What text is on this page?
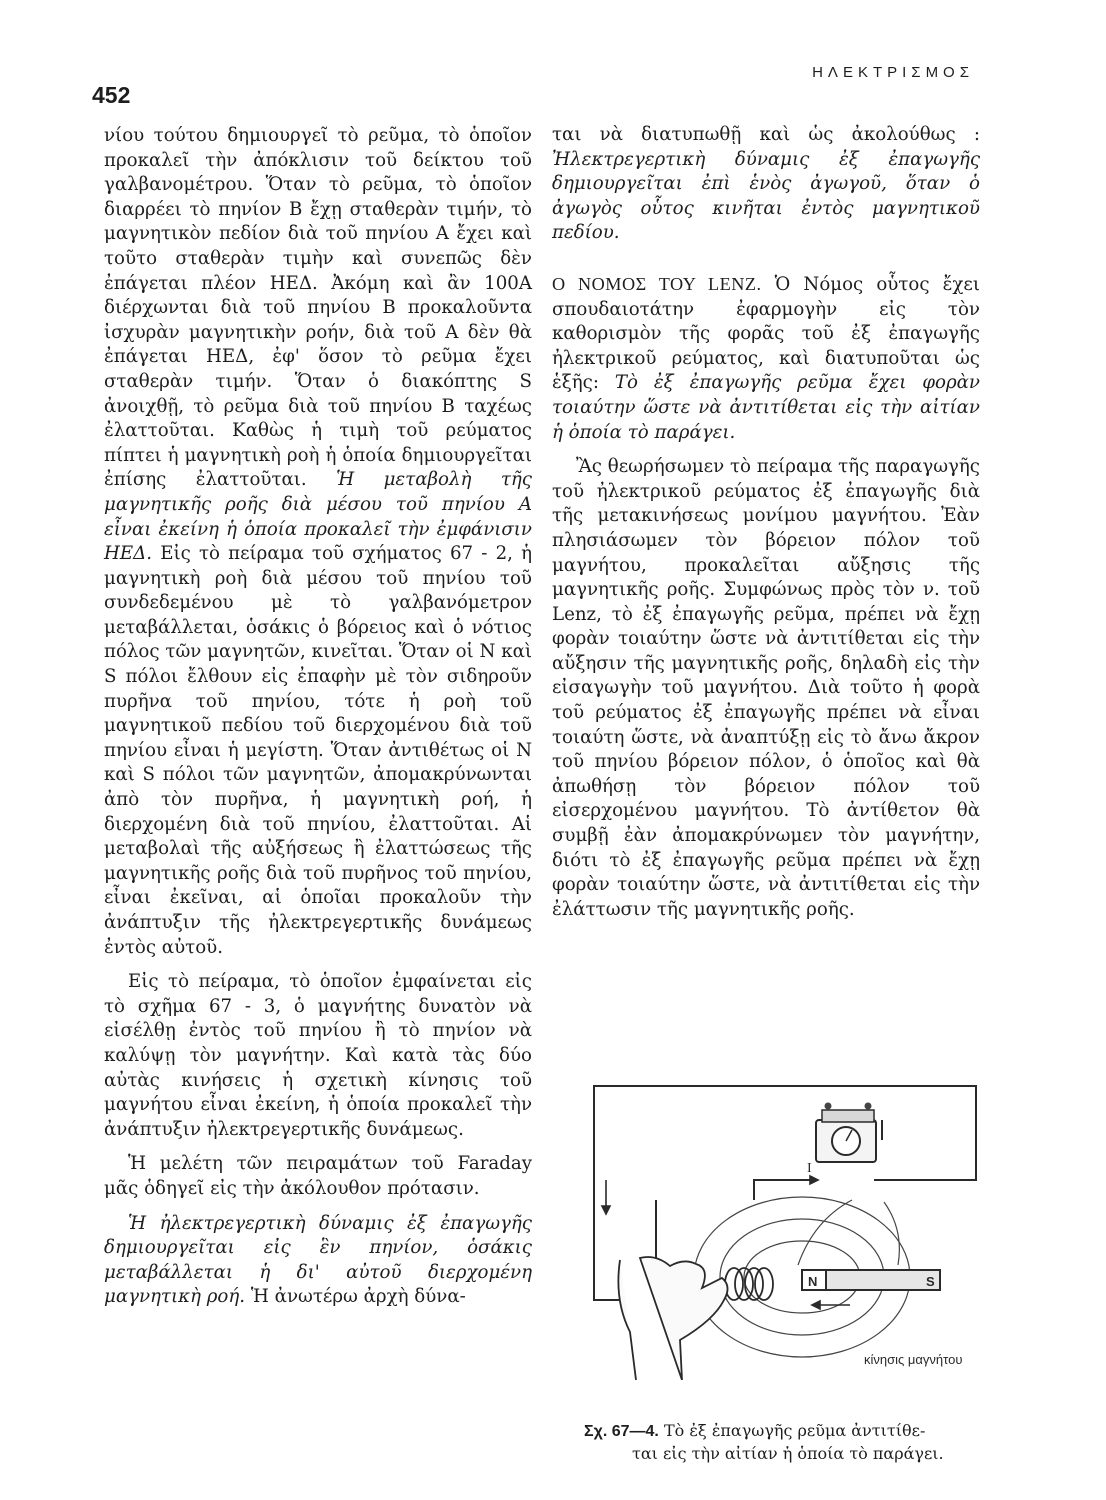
452
ΗΛΕΚΤΡΙΣΜΟΣ

νίου τούτου δημιουργεῖ τὸ ρεῦμα, τὸ ὁποῖον προκαλεῖ τὴν ἀπόκλισιν τοῦ δείκτου τοῦ γαλβανομέτρου. Ὅταν τὸ ρεῦμα, τὸ ὁποῖον διαρρέει τὸ πηνίον Β ἔχῃ σταθερὰν τιμήν, τὸ μαγνητικὸν πεδίον διὰ τοῦ πηνίου Α ἔχει καὶ τοῦτο σταθερὰν τιμὴν καὶ συνεπῶς δὲν ἐπάγεται πλέον ΗΕΔ. Ἀκόμη καὶ ἂν 100Α διέρχωνται διὰ τοῦ πηνίου Β προκαλοῦντα ἰσχυρὰν μαγνητικὴν ροήν, διὰ τοῦ Α δὲν θὰ ἐπάγεται ΗΕΔ, ἐφ' ὅσον τὸ ρεῦμα ἔχει σταθερὰν τιμήν. Ὅταν ὁ διακόπτης S ἀνοιχθῇ, τὸ ρεῦμα διὰ τοῦ πηνίου Β ταχέως ἐλαττοῦται. Καθὼς ἡ τιμὴ τοῦ ρεύματος πίπτει ἡ μαγνητικὴ ροὴ ἡ ὁποία δημιουργεῖται ἐπίσης ἐλαττοῦται. Ἡ μεταβολὴ τῆς μαγνητικῆς ροῆς διὰ μέσου τοῦ πηνίου Α εἶναι ἐκείνη ἡ ὁποία προκαλεῖ τὴν ἐμφάνισιν ΗΕΔ. Εἰς τὸ πείραμα τοῦ σχήματος 67 - 2, ἡ μαγνητικὴ ροὴ διὰ μέσου τοῦ πηνίου τοῦ συνδεδεμένου μὲ τὸ γαλβανόμετρον μεταβάλλεται, ὁσάκις ὁ βόρειος καὶ ὁ νότιος πόλος τῶν μαγνητῶν, κινεῖται. Ὅταν οἱ Ν καὶ S πόλοι ἔλθουν εἰς ἐπαφὴν μὲ τὸν σιδηροῦν πυρῆνα τοῦ πηνίου, τότε ἡ ροὴ τοῦ μαγνητικοῦ πεδίου τοῦ διερχομένου διὰ τοῦ πηνίου εἶναι ἡ μεγίστη. Ὅταν ἀντιθέτως οἱ Ν καὶ S πόλοι τῶν μαγνητῶν, ἀπομακρύνωνται ἀπὸ τὸν πυρῆνα, ἡ μαγνητικὴ ροή, ἡ διερχομένη διὰ τοῦ πηνίου, ἐλαττοῦται. Αἱ μεταβολαὶ τῆς αὐξήσεως ἢ ἐλαττώσεως τῆς μαγνητικῆς ροῆς διὰ τοῦ πυρῆνος τοῦ πηνίου, εἶναι ἐκεῖναι, αἱ ὁποῖαι προκαλοῦν τὴν ἀνάπτυξιν τῆς ἠλεκτρεγερτικῆς δυνάμεως ἐντὸς αὐτοῦ.

Εἰς τὸ πείραμα, τὸ ὁποῖον ἐμφαίνεται εἰς τὸ σχῆμα 67 - 3, ὁ μαγνήτης δυνατὸν νὰ εἰσέλθῃ ἐντὸς τοῦ πηνίου ἢ τὸ πηνίον νὰ καλύψῃ τὸν μαγνήτην. Καὶ κατὰ τὰς δύο αὐτὰς κινήσεις ἡ σχετικὴ κίνησις τοῦ μαγνήτου εἶναι ἐκείνη, ἡ ὁποία προκαλεῖ τὴν ἀνάπτυξιν ἠλεκτρεγερτικῆς δυνάμεως.

Ἡ μελέτη τῶν πειραμάτων τοῦ Faraday μᾶς ὁδηγεῖ εἰς τὴν ἀκόλουθον πρότασιν.

Ἡ ἠλεκτρεγερτικὴ δύναμις ἐξ ἐπαγωγῆς δημιουργεῖται εἰς ἓν πηνίον, ὁσάκις μεταβάλλεται ἡ δι' αὐτοῦ διερχομένη μαγνητικὴ ροή. Ἡ ἀνωτέρω ἀρχὴ δύνα-

ται νὰ διατυπωθῇ καὶ ὡς ἀκολούθως : Ἠλεκτρεγερτικὴ δύναμις ἐξ ἐπαγωγῆς δημιουργεῖται ἐπὶ ἑνὸς ἀγωγοῦ, ὅταν ὁ ἀγωγὸς οὗτος κινῆται ἐντὸς μαγνητικοῦ πεδίου.

Ο ΝΟΜΟΣ ΤΟΥ LENZ. Ὁ Νόμος οὗτος ἔχει σπουδαιοτάτην ἐφαρμογὴν εἰς τὸν καθορισμὸν τῆς φορᾶς τοῦ ἐξ ἐπαγωγῆς ἠλεκτρικοῦ ρεύματος, καὶ διατυποῦται ὡς ἑξῆς: Τὸ ἐξ ἐπαγωγῆς ρεῦμα ἔχει φορὰν τοιαύτην ὥστε νὰ ἀντιτίθεται εἰς τὴν αἰτίαν ἡ ὁποία τὸ παράγει.

Ἂς θεωρήσωμεν τὸ πείραμα τῆς παραγωγῆς τοῦ ἠλεκτρικοῦ ρεύματος ἐξ ἐπαγωγῆς διὰ τῆς μετακινήσεως μονίμου μαγνήτου. Ἐὰν πλησιάσωμεν τὸν βόρειον πόλον τοῦ μαγνήτου, προκαλεῖται αὔξησις τῆς μαγνητικῆς ροῆς. Συμφώνως πρὸς τὸν ν. τοῦ Lenz, τὸ ἐξ ἐπαγωγῆς ρεῦμα, πρέπει νὰ ἔχῃ φορὰν τοιαύτην ὥστε νὰ ἀντιτίθεται εἰς τὴν αὔξησιν τῆς μαγνητικῆς ροῆς, δηλαδὴ εἰς τὴν εἰσαγωγὴν τοῦ μαγνήτου. Διὰ τοῦτο ἡ φορὰ τοῦ ρεύματος ἐξ ἐπαγωγῆς πρέπει νὰ εἶναι τοιαύτη ὥστε, νὰ ἀναπτύξῃ εἰς τὸ ἄνω ἄκρον τοῦ πηνίου βόρειον πόλον, ὁ ὁποῖος καὶ θὰ ἀπωθήσῃ τὸν βόρειον πόλον τοῦ εἰσερχομένου μαγνήτου. Τὸ ἀντίθετον θὰ συμβῇ ἐὰν ἀπομακρύνωμεν τὸν μαγνήτην, διότι τὸ ἐξ ἐπαγωγῆς ρεῦμα πρέπει νὰ ἔχῃ φορὰν τοιαύτην ὥστε, νὰ ἀντιτίθεται εἰς τὴν ἐλάττωσιν τῆς μαγνητικῆς ροῆς.

I
N	S
κίνησις μαγνήτου
Σχ. 67—4. Τὸ ἐξ ἐπαγωγῆς ρεῦμα ἀντιτίθε-
ται εἰς τὴν αἰτίαν ἡ ὁποία τὸ παράγει.
